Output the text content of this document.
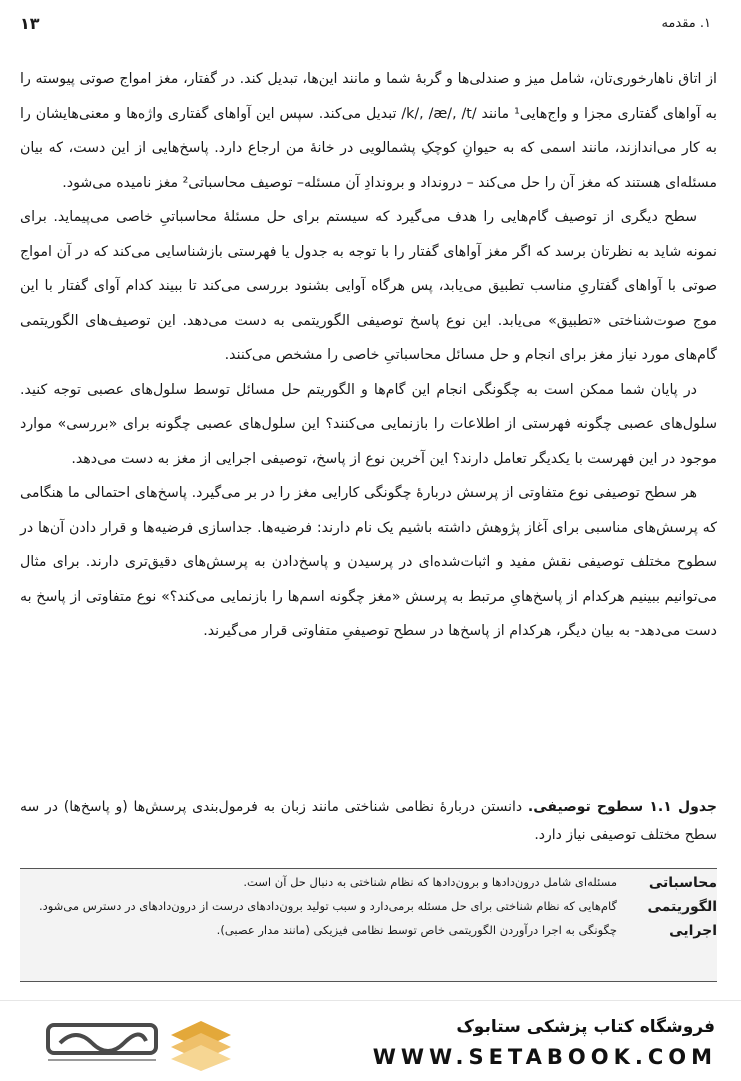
۱. مقدمه
۱۳

از اتاق ناهارخوری‌تان، شامل میز و صندلی‌ها و گربهٔ شما و مانند این‌ها، تبدیل کند. در گفتار، مغز امواج صوتی پیوسته را به آواهای گفتاری مجزا و واج‌هایی¹ مانند /k/, /æ/, /t/ تبدیل می‌کند. سپس این آواهای گفتاری واژه‌ها و معنی‌هایشان را به کار می‌اندازند، مانند اسمی که به حیوانِ کوچکِ پشمالویی در خانهٔ من ارجاع دارد. پاسخ‌هایی از این دست، که بیان مسئله‌ای هستند که مغز آن را حل می‌کند – درونداد و بروندادِ آن مسئله– توصیف محاسباتی² مغز نامیده می‌شود.

سطح دیگری از توصیف گام‌هایی را هدف می‌گیرد که سیستم برای حل مسئلهٔ محاسباتیِ خاصی می‌پیماید. برای نمونه شاید به نظرتان برسد که اگر مغز آواهای گفتار را با توجه به جدول یا فهرستی بازشناسایی می‌کند که در آن امواج صوتی با آواهای گفتاریِ مناسب تطبیق می‌یابد، پس هرگاه آوایی بشنود بررسی می‌کند تا ببیند کدام آوای گفتار با این موج صوت‌شناختی «تطبیق» می‌یابد. این نوع پاسخ توصیفی الگوریتمی به دست می‌دهد. این توصیف‌های الگوریتمی گام‌های مورد نیاز مغز برای انجام و حل مسائل محاسباتیِ خاصی را مشخص می‌کنند.

در پایان شما ممکن است به چگونگی انجام این گام‌ها و الگوریتم حل مسائل توسط سلول‌های عصبی توجه کنید. سلول‌های عصبی چگونه فهرستی از اطلاعات را بازنمایی می‌کنند؟ این سلول‌های عصبی چگونه برای «بررسی» موارد موجود در این فهرست با یکدیگر تعامل دارند؟ این آخرین نوع از پاسخ، توصیفی اجرایی از مغز به دست می‌دهد.

هر سطح توصیفی نوع متفاوتی از پرسش دربارهٔ چگونگی کارایی مغز را در بر می‌گیرد. پاسخ‌های احتمالی ما هنگامی که پرسش‌های مناسبی برای آغاز پژوهش داشته باشیم یک نام دارند: فرضیه‌ها. جداسازی فرضیه‌ها و قرار دادن آن‌ها در سطوح مختلف توصیفی نقش مفید و اثبات‌شده‌ای در پرسیدن و پاسخ‌دادن به پرسش‌های دقیق‌تری دارند. برای مثال می‌توانیم ببینیم هرکدام از پاسخ‌هایِ مرتبط به پرسش «مغز چگونه اسم‌ها را بازنمایی می‌کند؟» نوع متفاوتی از پاسخ به دست می‌دهد- به بیان دیگر، هرکدام از پاسخ‌ها در سطح توصیفیِ متفاوتی قرار می‌گیرند.

جدول ۱.۱ سطوح توصیفی. دانستن دربارهٔ نظامی شناختی مانند زبان به فرمول‌بندی پرسش‌ها (و پاسخ‌ها) در سه سطح مختلف توصیفی نیاز دارد.
محاسباتی
مسئله‌ای شامل درون‌دادها و برون‌دادها که نظام شناختی به دنبال حل آن است.
الگوریتمی
گام‌هایی که نظام شناختی برای حل مسئله برمی‌دارد و سبب تولید برون‌دادهای درست از درون‌دادهای در دسترس می‌شود.
اجرایی
چگونگی به اجرا درآوردن الگوریتمی خاص توسط نظامی فیزیکی (مانند مدار عصبی).
فروشگاه کتاب پزشکی ستابوک
WWW.SETABOOK.COM
